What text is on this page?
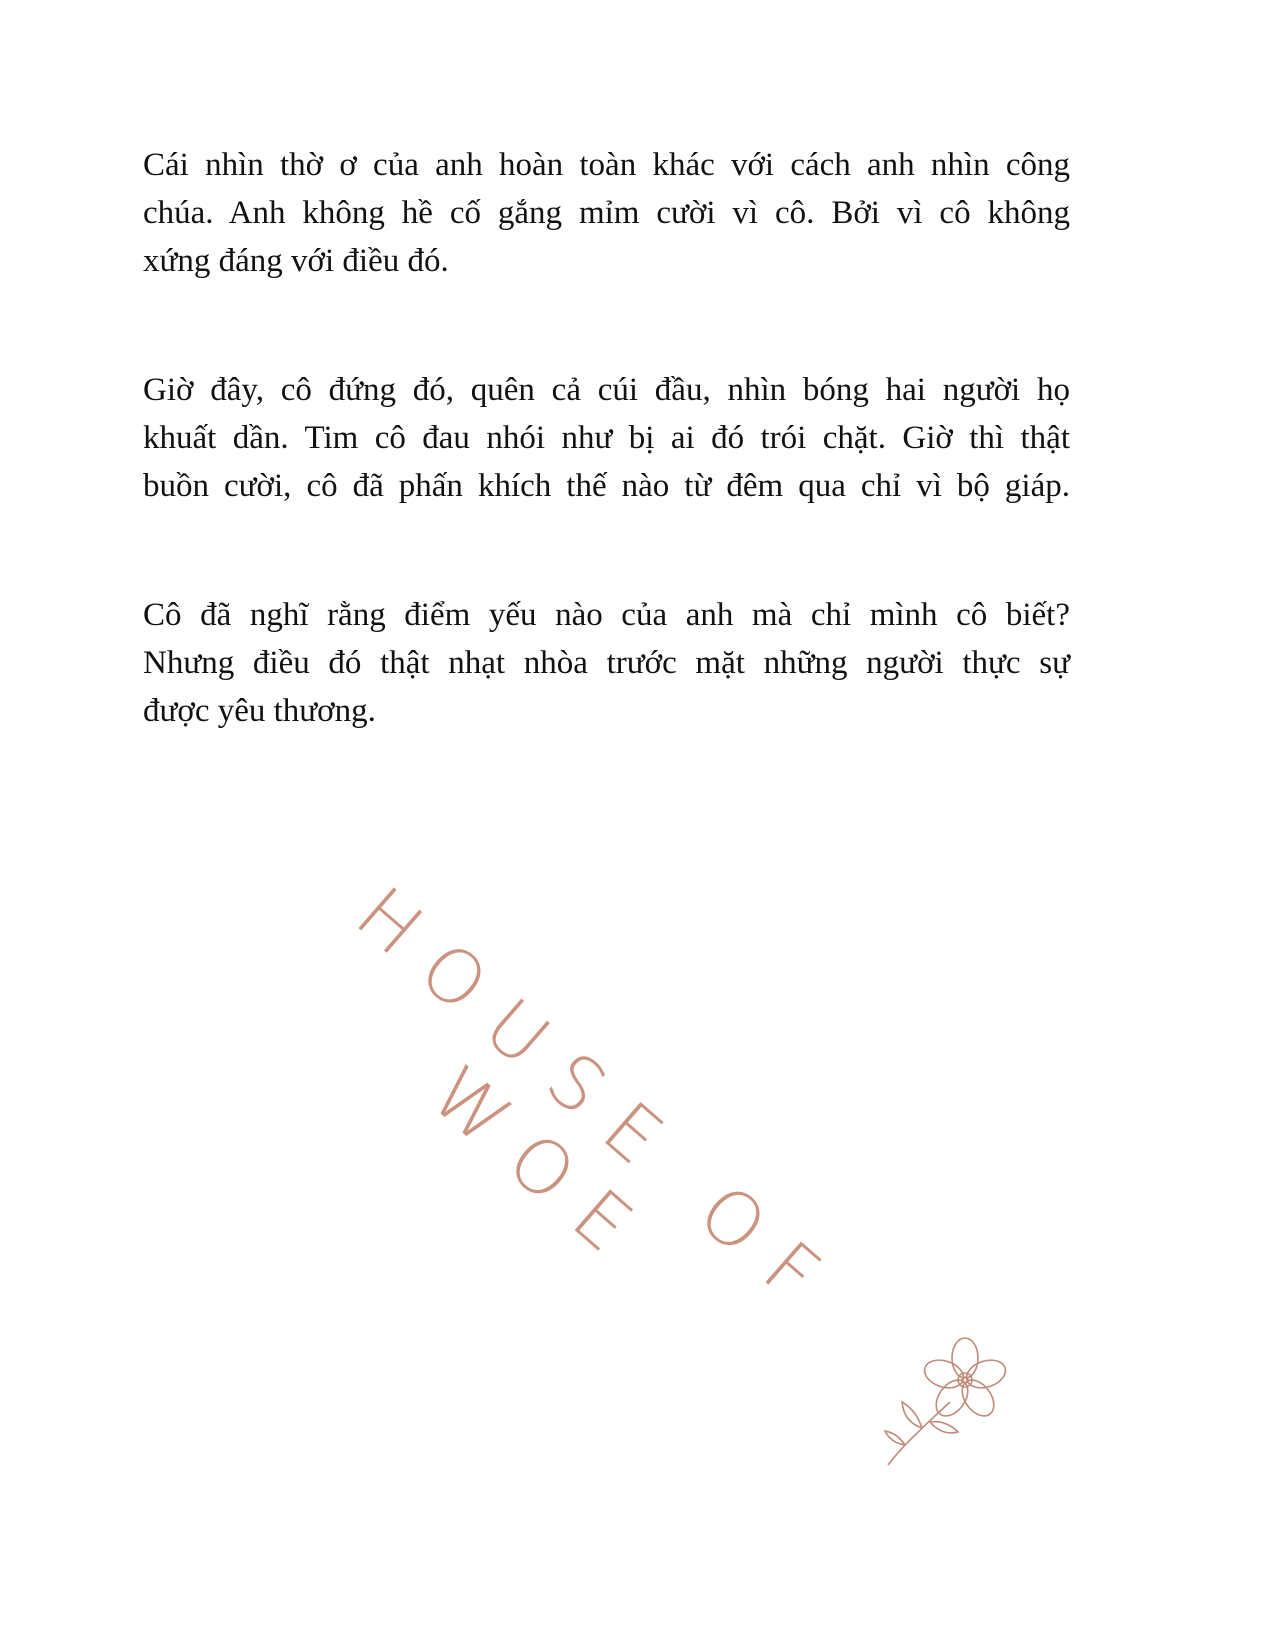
Cái nhìn thờ ơ của anh hoàn toàn khác với cách anh nhìn công
chúa. Anh không hề cố gắng mỉm cười vì cô. Bởi vì cô không
xứng đáng với điều đó.
Giờ đây, cô đứng đó, quên cả cúi đầu, nhìn bóng hai người họ
khuất dần. Tim cô đau nhói như bị ai đó trói chặt. Giờ thì thật
buồn cười, cô đã phấn khích thế nào từ đêm qua chỉ vì bộ giáp.
Cô đã nghĩ rằng điểm yếu nào của anh mà chỉ mình cô biết?
Nhưng điều đó thật nhạt nhòa trước mặt những người thực sự
được yêu thương.
HOUSE OF WOE
